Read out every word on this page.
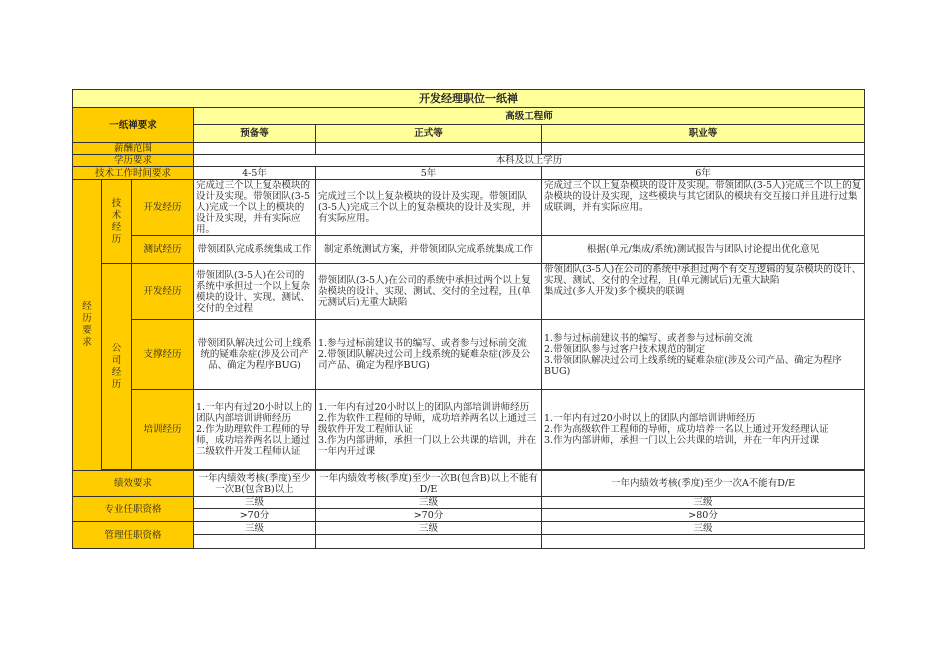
开发经理职位一纸禅					
一纸禅要求			高级工程师		
			预备等	正式等	职业等
薪酬范围					
学历要求			本科及以上学历		
技术工作时间要求			4-5年	5年	6年
经历要求	技术经历	开发经历	完成过三个以上复杂模块的设计及实现。带领团队(3-5人)完成一个以上的模块的设计及实现，并有实际应用。	完成过三个以上复杂模块的设计及实现。带领团队(3-5人)完成三个以上的复杂模块的设计及实现，并有实际应用。	完成过三个以上复杂模块的设计及实现。带领团队(3-5人)完成三个以上的复杂模块的设计及实现，这些模块与其它团队的模块有交互接口并且进行过集成联调，并有实际应用。
		测试经历	带领团队完成系统集成工作	制定系统测试方案，并带领团队完成系统集成工作	根据(单元/集成/系统)测试报告与团队讨论提出优化意见
	公司经历	开发经历	带领团队(3-5人)在公司的系统中承担过一个以上复杂模块的设计、实现、测试、交付的全过程	带领团队(3-5人)在公司的系统中承担过两个以上复杂模块的设计、实现、测试、交付的全过程，且(单元测试后)无重大缺陷	带领团队(3-5人)在公司的系统中承担过两个有交互逻辑的复杂模块的设计、实现、测试、交付的全过程，且(单元测试后)无重大缺陷
集成过(多人开发)多个模块的联调
		支撑经历	带领团队解决过公司上线系统的疑难杂症(涉及公司产品、确定为程序BUG)	1.参与过标前建议书的编写、或者参与过标前交流
2.带领团队解决过公司上线系统的疑难杂症(涉及公司产品、确定为程序BUG)	1.参与过标前建议书的编写、或者参与过标前交流
2.带领团队参与过客户技术规范的制定
3.带领团队解决过公司上线系统的疑难杂症(涉及公司产品、确定为程序BUG)
		培训经历	1.一年内有过20小时以上的团队内部培训讲师经历
2.作为助理软件工程师的导师，成功培养两名以上通过二级软件开发工程师认证	1.一年内有过20小时以上的团队内部培训讲师经历
2.作为软件工程师的导师，成功培养两名以上通过三级软件开发工程师认证
3.作为内部讲师，承担一门以上公共课的培训，并在一年内开过课	1.一年内有过20小时以上的团队内部培训讲师经历
2.作为高级软件工程师的导师，成功培养一名以上通过开发经理认证
3.作为内部讲师，承担一门以上公共课的培训，并在一年内开过课

绩效要求			一年内绩效考核(季度)至少一次B(包含B)以上	一年内绩效考核(季度)至少一次B(包含B)以上不能有D/E	一年内绩效考核(季度)至少一次A不能有D/E
专业任职资格			三级	三级	三级
			>70分	>70分	>80分
管理任职资格			三级	三级	三级
